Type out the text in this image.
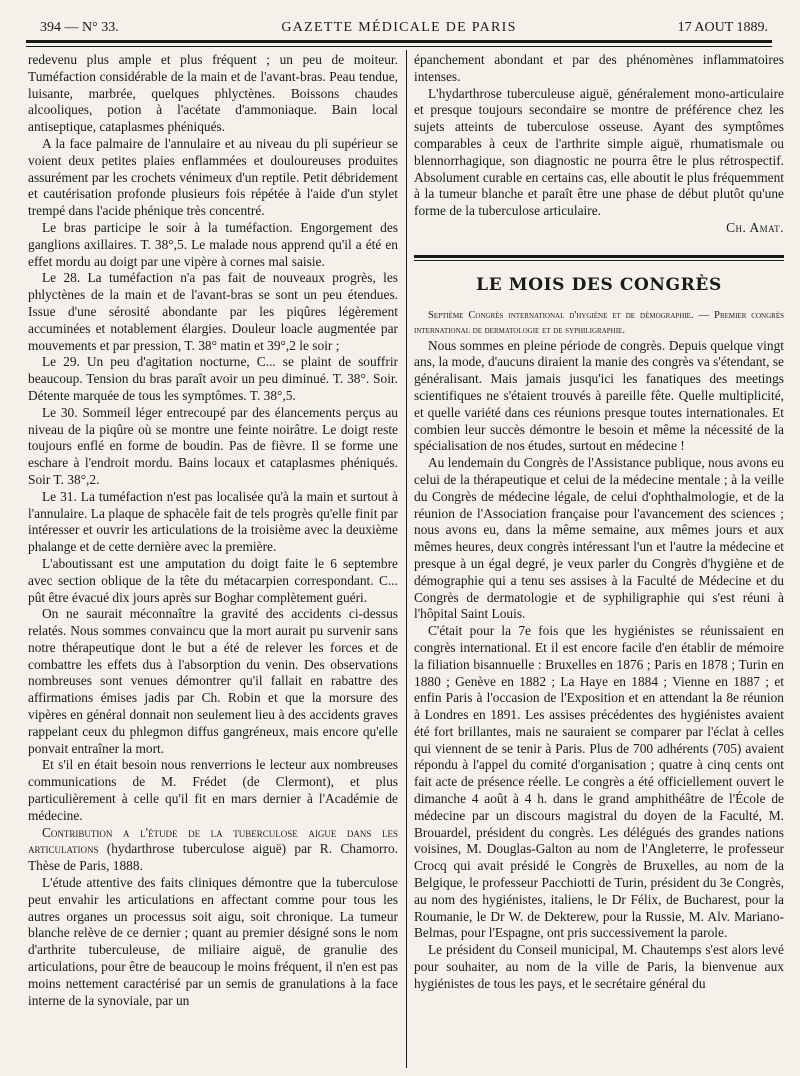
394 — N° 33.	GAZETTE MÉDICALE DE PARIS	17 AOUT 1889.

redevenu plus ample et plus fréquent ; un peu de moiteur. Tuméfaction considérable de la main et de l'avant-bras. Peau tendue, luisante, marbrée, quelques phlyctènes. Boissons chaudes alcooliques, potion à l'acétate d'ammoniaque. Bain local antiseptique, cataplasmes phéniqués.

A la face palmaire de l'annulaire et au niveau du pli supérieur se voient deux petites plaies enflammées et douloureuses produites assurément par les crochets vénimeux d'un reptile. Petit débridement et cautérisation profonde plusieurs fois répétée à l'aide d'un stylet trempé dans l'acide phénique très concentré.

Le bras participe le soir à la tuméfaction. Engorgement des ganglions axillaires. T. 38°,5. Le malade nous apprend qu'il a été en effet mordu au doigt par une vipère à cornes mal saisie.

Le 28. La tuméfaction n'a pas fait de nouveaux progrès, les phlyctènes de la main et de l'avant-bras se sont un peu étendues. Issue d'une sérosité abondante par les piqûres légèrement accuminées et notablement élargies. Douleur loacle augmentée par mouvements et par pression, T. 38° matin et 39°,2 le soir ;

Le 29. Un peu d'agitation nocturne, C... se plaint de souffrir beaucoup. Tension du bras paraît avoir un peu diminué. T. 38°. Soir. Détente marquée de tous les symptômes. T. 38°,5.

Le 30. Sommeil léger entrecoupé par des élancements perçus au niveau de la piqûre où se montre une feinte noirâtre. Le doigt reste toujours enflé en forme de boudin. Pas de fièvre. Il se forme une eschare à l'endroit mordu. Bains locaux et cataplasmes phéniqués. Soir T. 38°,2.

Le 31. La tuméfaction n'est pas localisée qu'à la main et surtout à l'annulaire. La plaque de sphacèle fait de tels progrès qu'elle finit par intéresser et ouvrir les articulations de la troisième avec la deuxième phalange et de cette dernière avec la première.

L'aboutissant est une amputation du doigt faite le 6 septembre avec section oblique de la tête du métacarpien correspondant. C... pût être évacué dix jours après sur Boghar complètement guéri.

On ne saurait méconnaître la gravité des accidents ci-dessus relatés. Nous sommes convaincu que la mort aurait pu survenir sans notre thérapeutique dont le but a été de relever les forces et de combattre les effets dus à l'absorption du venin. Des observations nombreuses sont venues démontrer qu'il fallait en rabattre des affirmations émises jadis par Ch. Robin et que la morsure des vipères en général donnait non seulement lieu à des accidents graves rappelant ceux du phlegmon diffus gangréneux, mais encore qu'elle ponvait entraîner la mort.

Et s'il en était besoin nous renverrions le lecteur aux nombreuses communications de M. Frédet (de Clermont), et plus particulièrement à celle qu'il fit en mars dernier à l'Académie de médecine.

Contribution a l'étude de la tuberculose aigue dans les articulations (hydarthrose tuberculose aiguë) par R. Chamorro. Thèse de Paris, 1888.

L'étude attentive des faits cliniques démontre que la tuberculose peut envahir les articulations en affectant comme pour tous les autres organes un processus soit aigu, soit chronique. La tumeur blanche relève de ce dernier ; quant au premier désigné sons le nom d'arthrite tuberculeuse, de miliaire aiguë, de granulie des articulations, pour être de beaucoup le moins fréquent, il n'en est pas moins nettement caractérisé par un semis de granulations à la face interne de la synoviale, par un

épanchement abondant et par des phénomènes inflammatoires intenses.

L'hydarthrose tuberculeuse aiguë, généralement mono-articulaire et presque toujours secondaire se montre de préférence chez les sujets atteints de tuberculose osseuse. Ayant des symptômes comparables à ceux de l'arthrite simple aiguë, rhumatismale ou blennorrhagique, son diagnostic ne pourra être le plus rétrospectif. Absolument curable en certains cas, elle aboutit le plus fréquemment à la tumeur blanche et paraît être une phase de début plutôt qu'une forme de la tuberculose articulaire.

Ch. Amat.

LE MOIS DES CONGRÈS

Septième Congrès international d'hygiène et de démographie. — Premier congrès international de dermatologie et de syphiligraphie.

Nous sommes en pleine période de congrès. Depuis quelque vingt ans, la mode, d'aucuns diraient la manie des congrès va s'étendant, se généralisant. Mais jamais jusqu'ici les fanatiques des meetings scientifiques ne s'étaient trouvés à pareille fête. Quelle multiplicité, et quelle variété dans ces réunions presque toutes internationales. Et combien leur succès démontre le besoin et même la nécessité de la spécialisation de nos études, surtout en médecine !

Au lendemain du Congrès de l'Assistance publique, nous avons eu celui de la thérapeutique et celui de la médecine mentale ; à la veille du Congrès de médecine légale, de celui d'ophthalmologie, et de la réunion de l'Association française pour l'avancement des sciences ; nous avons eu, dans la même semaine, aux mêmes jours et aux mêmes heures, deux congrès intéressant l'un et l'autre la médecine et presque à un égal degré, je veux parler du Congrès d'hygiène et de démographie qui a tenu ses assises à la Faculté de Médecine et du Congrès de dermatologie et de syphiligraphie qui s'est réuni à l'hôpital Saint Louis.

C'était pour la 7e fois que les hygiénistes se réunissaient en congrès international. Et il est encore facile d'en établir de mémoire la filiation bisannuelle : Bruxelles en 1876 ; Paris en 1878 ; Turin en 1880 ; Genève en 1882 ; La Haye en 1884 ; Vienne en 1887 ; et enfin Paris à l'occasion de l'Exposition et en attendant la 8e réunion à Londres en 1891. Les assises précédentes des hygiénistes avaient été fort brillantes, mais ne sauraient se comparer par l'éclat à celles qui viennent de se tenir à Paris. Plus de 700 adhérents (705) avaient répondu à l'appel du comité d'organisation ; quatre à cinq cents ont fait acte de présence réelle. Le congrès a été officiellement ouvert le dimanche 4 août à 4 h. dans le grand amphithéâtre de l'École de médecine par un discours magistral du doyen de la Faculté, M. Brouardel, président du congrès. Les délégués des grandes nations voisines, M. Douglas-Galton au nom de l'Angleterre, le professeur Crocq qui avait présidé le Congrès de Bruxelles, au nom de la Belgique, le professeur Pacchiotti de Turin, président du 3e Congrès, au nom des hygiénistes, italiens, le Dr Félix, de Bucharest, pour la Roumanie, le Dr W. de Dekterew, pour la Russie, M. Alv. Mariano-Belmas, pour l'Espagne, ont pris successivement la parole.

Le président du Conseil municipal, M. Chautemps s'est alors levé pour souhaiter, au nom de la ville de Paris, la bienvenue aux hygiénistes de tous les pays, et le secrétaire général du
